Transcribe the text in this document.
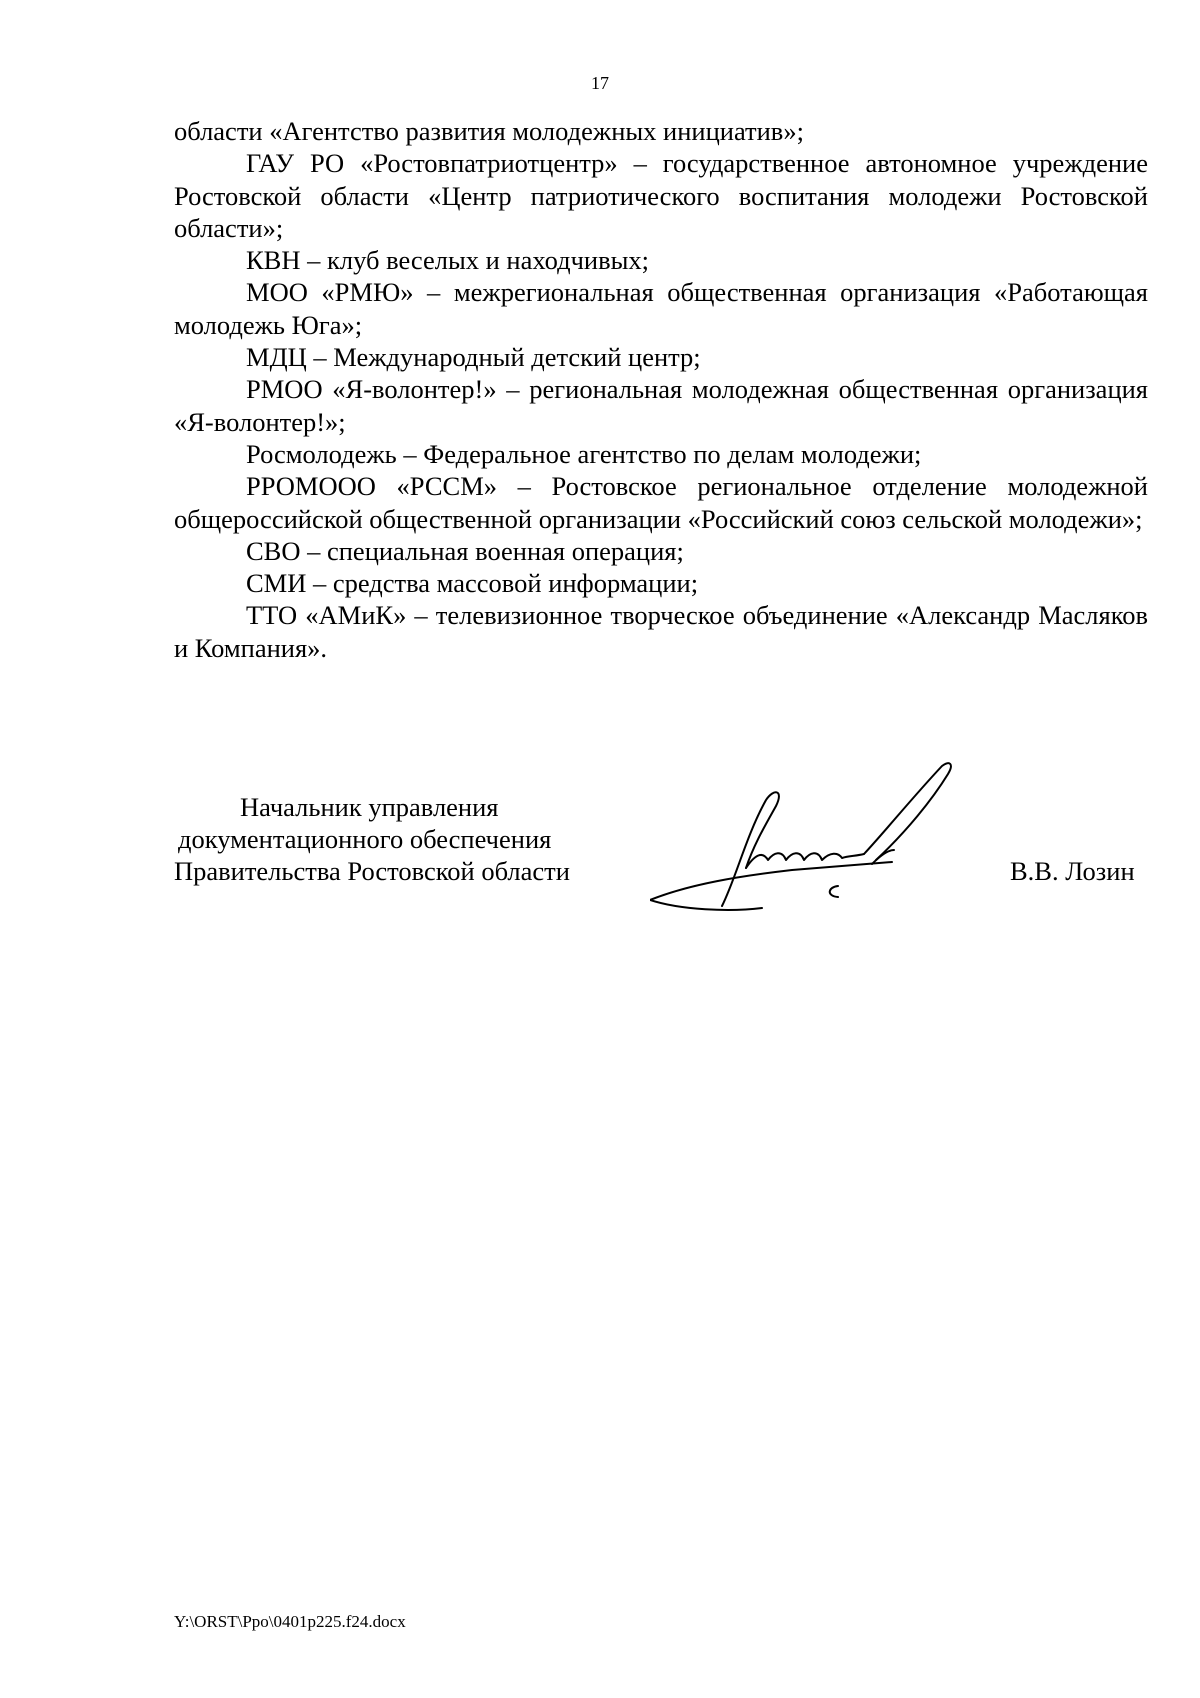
17

области «Агентство развития молодежных инициатив»;

ГАУ РО «Ростовпатриотцентр» – государственное автономное учреждение Ростовской области «Центр патриотического воспитания молодежи Ростовской области»;

КВН – клуб веселых и находчивых;

МОО «РМЮ» – межрегиональная общественная организация «Работающая молодежь Юга»;

МДЦ – Международный детский центр;

РМОО «Я-волонтер!» – региональная молодежная общественная организация «Я-волонтер!»;

Росмолодежь – Федеральное агентство по делам молодежи;

РРОМООО «РССМ» – Ростовское региональное отделение молодежной общероссийской общественной организации «Российский союз сельской молодежи»;

СВО – специальная военная операция;

СМИ – средства массовой информации;

ТТО «АМиК» – телевизионное творческое объединение «Александр Масляков и Компания».

Начальник управления
документационного обеспечения
Правительства Ростовской области	В.В. Лозин
Y:\ORST\Ppo\0401p225.f24.docx
